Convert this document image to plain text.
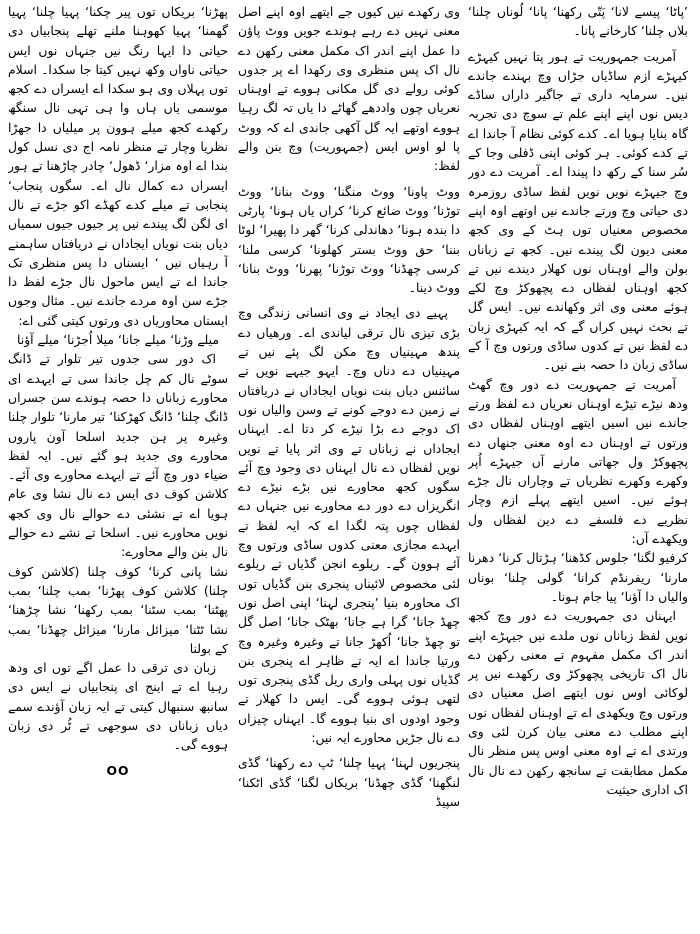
’پاٹا‘ پیسے لانا‘ پَتّی رکھنا‘ پانا‘ لُوناں چلنا‘ بلاں چلنا‘ کارخانے پانا۔

آمریت جمہوریت تے ہور پتا نہیں کیہڑے کیہڑے ازم ساڈیاں جڑاں وچ بہندے جاندے نیں۔ سرمایہ داری تے جاگیر داراں ساڈے دیس نوں اپنے اپنے علم تے سوچ دی تجربہ گاہ بنایا ہویا اے۔ کدے کوئی نظام آ جاندا اے تے کدے کوئی۔ ہر کوئی اپنی ڈفلی وجا کے سُر سنا کے رکھ دا پیندا اے۔ آمریت دے دور وچ جیہڑے نویں نویں لفظ ساڈی روزمرہ دی حیاتی وچ ورتے جاندے نیں اوتھے اوہ اپنے مخصوص معنیاں توں ہٹ کے وی کجھ معنی دیون لگ پیندے نیں۔ کجھ تے زباناں بولن والے اوہناں نوں کھلار دیندے نیں تے کجھ اوہناں لفظاں دے پچھوکڑ وچ لکے ہوئے معنی وی اثر وکھاندے نیں۔ ایس گل تے بحث نہیں کراں گے کہ ایہ کیہڑی زبان دے لفظ نیں تے کدوں ساڈی ورتوں وچ آ کے ساڈی زبان دا حصہ بنے نیں۔

آمریت تے جمہوریت دے دور وچ گھٹ ودھ نیڑے تیڑے اوہناں نعریاں دے لفظ ورتے جاندے نیں اسیں ایتھے اوہناں لفظاں دی ورتوں تے اوہناں دے اوہ معنی جنھاں دے پچھوکڑ ول جھاتی مارنے آں جیہڑے اُپر وکھرے وکھرے نظریاں تے وچاراں نال جڑے ہوئے نیں۔ اسیں ایتھے پہلے ازم وچار نظریے دے فلسفے دے دین لفظاں ول ویکھدے آں:

کرفیو لگنا‘ جلوس کڈھنا‘ ہڑتال کرنا‘ دھرنا مارنا‘ ریفرنڈم کرانا‘ گولی چلنا‘ بوناں والیاں دا آؤنا‘ پیا جام ہونا۔

ایہناں دی جمہوریت دے دور وچ کجھ نویں لفظ زباناں نوں ملدے نیں جیہڑے اپنے اندر اک مکمل مفہوم تے معنی رکھن دے نال اک تاریخی پچھوکڑ وی رکھدے نیں پر لوکائی اوس نوں ایتھے اصل معنیاں دی ورتوں وچ ویکھدی اے تے اوہناں لفظاں نوں اپنے مطلب دے معنی بیان کرن لئی وی ورتدی اے تے اوہ معنی اوس پس منظر نال مکمل مطابقت تے سانجھ رکھن دے نال نال اک اداری حیثیت

وی رکھدے نیں کیوں جے ایتھے اوہ اپنے اصل معنی نہیں دے رہے ہوندے جویں ووٹ پاؤن دا عمل اپنے اندر اک مکمل معنی رکھن دے نال اک پس منظری وی رکھدا اے پر جدوں کوئی رولے دی گل مکانی ہووے تے اوہناں نعریاں چوں واددھے گھاٹے دا یاں تہ لگ رہیا ہووے اوتھے ایہ گل آکھی جاندی اے کہ ووٹ پا لو اوس ایس (جمہوریت) وچ بنن والے لفظ:

ووٹ پاونا‘ ووٹ منگنا‘ ووٹ بنانا‘ ووٹ توڑنا‘ ووٹ ضائع کرنا‘ کراں یاں ہونا‘ پارٹی دا بندہ ہونا‘ دھاندلی کرنا‘ گھر دا پھیرا‘ لوٹا بننا‘ حق ووٹ بستر کھلونا‘ کرسی ملنا‘ کرسی چھڈنا‘ ووٹ توڑنا‘ پھرنا‘ ووٹ بنانا‘ ووٹ دینا۔

پہیے دی ایجاد نے وی انسانی زندگی وچ بڑی تیزی نال ترقی لیاندی اے۔ ورھیاں دے پندھ مہینیاں وچ مکن لگ پئے نیں تے مہینیاں دے دناں وچ۔ ایہو جیہے نویں تے سائنس دیاں بنت نویاں ایجاداں نے دریافتاں نے زمین دے دوجے کونے تے وسن والیاں نوں اک دوجے دے بڑا نیڑے کر دتا اے۔ ایہناں ایجاداں نے زباناں تے وی اثر پایا تے نویں نویں لفظاں دے نال ایہناں دی وجود وچ آئے سگوں کجھ محاورے نیں بڑے نیڑے دے انگریزاں دے دور دے محاورے نیں جنہاں دے لفظاں چوں پتہ لگدا اے کہ ایہ لفظ تے ایہدے مجازی معنی کدوں ساڈی ورتوں وچ آئے ہوون گے۔ ریلوے انجن گڈیاں تے ریلوے لئی مخصوص لائیناں پنجری بنن گڈیاں توں اک محاورہ بنیا ’پنجری لہنا‘ اپنی اصل نوں چھڈ جانا‘ گرا ہے جانا‘ بھٹک جانا‘ اصل گل تو چھڈ جانا‘ اُکھڑ جانا تے وغیرہ وغیرہ وچ ورتیا جاندا اے ایہ تے ظاہر اے پنجری بنن گڈیاں نوں پہلی واری ریل گڈی پنجری توں لتھی ہوئی ہووے گی۔ ایس دا کھلار تے وجود اودوں ای بنیا ہووے گا۔ ایہناں چیزاں دے نال جڑیں محاورے ایہ نیں:

پنجریوں لہنا‘ پہیا چلنا‘ ٹپ دے رکھنا‘ گڈی لنگھنا‘ گڈی چھڈنا‘ بریکاں لگنا‘ گڈی اٹکنا‘ سپیڈ

پھڑنا‘ بریکاں توں پیر چکنا‘ پہیا چلنا‘ پہیا گھمنا‘ پہیا کھوہنا ملنے تھلے پنجابیاں دی حیاتی دا ایہا رنگ نیں جنہاں نوں ایس حیاتی ناواں وکھ نہیں کیتا جا سکدا۔ اسلام توں پہلاں وی ہو سکدا اے ایسراں دے کجھ موسمی یاں ہاں وا ہی تہی نال سنگھ رکھدے کجھ میلے ہوون پر میلیاں دا جھڑا نظریا وچار تے منظر نامہ اج دی نسل کول بندا اے اوہ مزار‘ ڈھول‘ چادر چاڑھنا تے ہور ایسراں دے کمال نال اے۔ سگوں پنجاب‘ پنجابی تے میلے کدے کھڈے اکو جڑے تے نال ای لگن لگ پیندے نیں پر جیوں جیوں سمیاں دیاں بنت نویاں ایجاداں نے دریافتاں ساہمنے آ رہیاں نیں ‘ ایسناں دا پس منظری تک جاندا اے تے ایس ماحول نال جڑے لفظ دا جڑے سن اوہ مردے جاندے نیں۔ مثال وجوں ایسناں محاوریاں دی ورتوں کیتی گئی اے:

میلے وڑنا‘ میلے جانا‘ میلا اُجڑنا‘ میلے آؤنا

اک دور سی جدوں تیر تلوار تے ڈانگ سوٹے نال کم چل جاندا سی تے ایہدے ای محاورے زباناں دا حصہ ہوندے سن جسراں ڈانگ چلنا‘ ڈانگ کھڑکنا‘ تیر مارنا‘ تلوار چلنا وغیرہ پر ہن جدید اسلحا آون پاروں محاورے وی جدید ہو گئے نیں۔ ایہ لفظ ضیاء دور وچ آئے تے ایہدے محاورے وی آئے۔ کلاشن کوف دی ایس دے نال نشا وی عام ہویا اے تے نشئی دے حوالے نال وی کجھ نویں محاورے نیں۔ اسلحا تے نشے دے حوالے نال بنن والے محاورے:

نشا پانی کرنا‘ کوف چلنا (کلاشن کوف چلنا) کلاشن کوف پھڑنا‘ بمب چلنا‘ بمب پھٹنا‘ بمب سٹنا‘ بمب رکھنا‘ نشا چڑھنا‘ نشا ٹٹنا‘ میزائل مارنا‘ میزائل چھڈنا‘ بمب کے بولنا

زبان دی ترقی دا عمل اگے توں ای ودھ رہیا اے تے اینج ای پنجابیاں نے ایس دی سانبھ سنبھال کیتی تے ایہ زبان آؤندے سمے دیاں زباناں دی سوجھی تے ٹُر دی زبان ہووے گی۔

OO
